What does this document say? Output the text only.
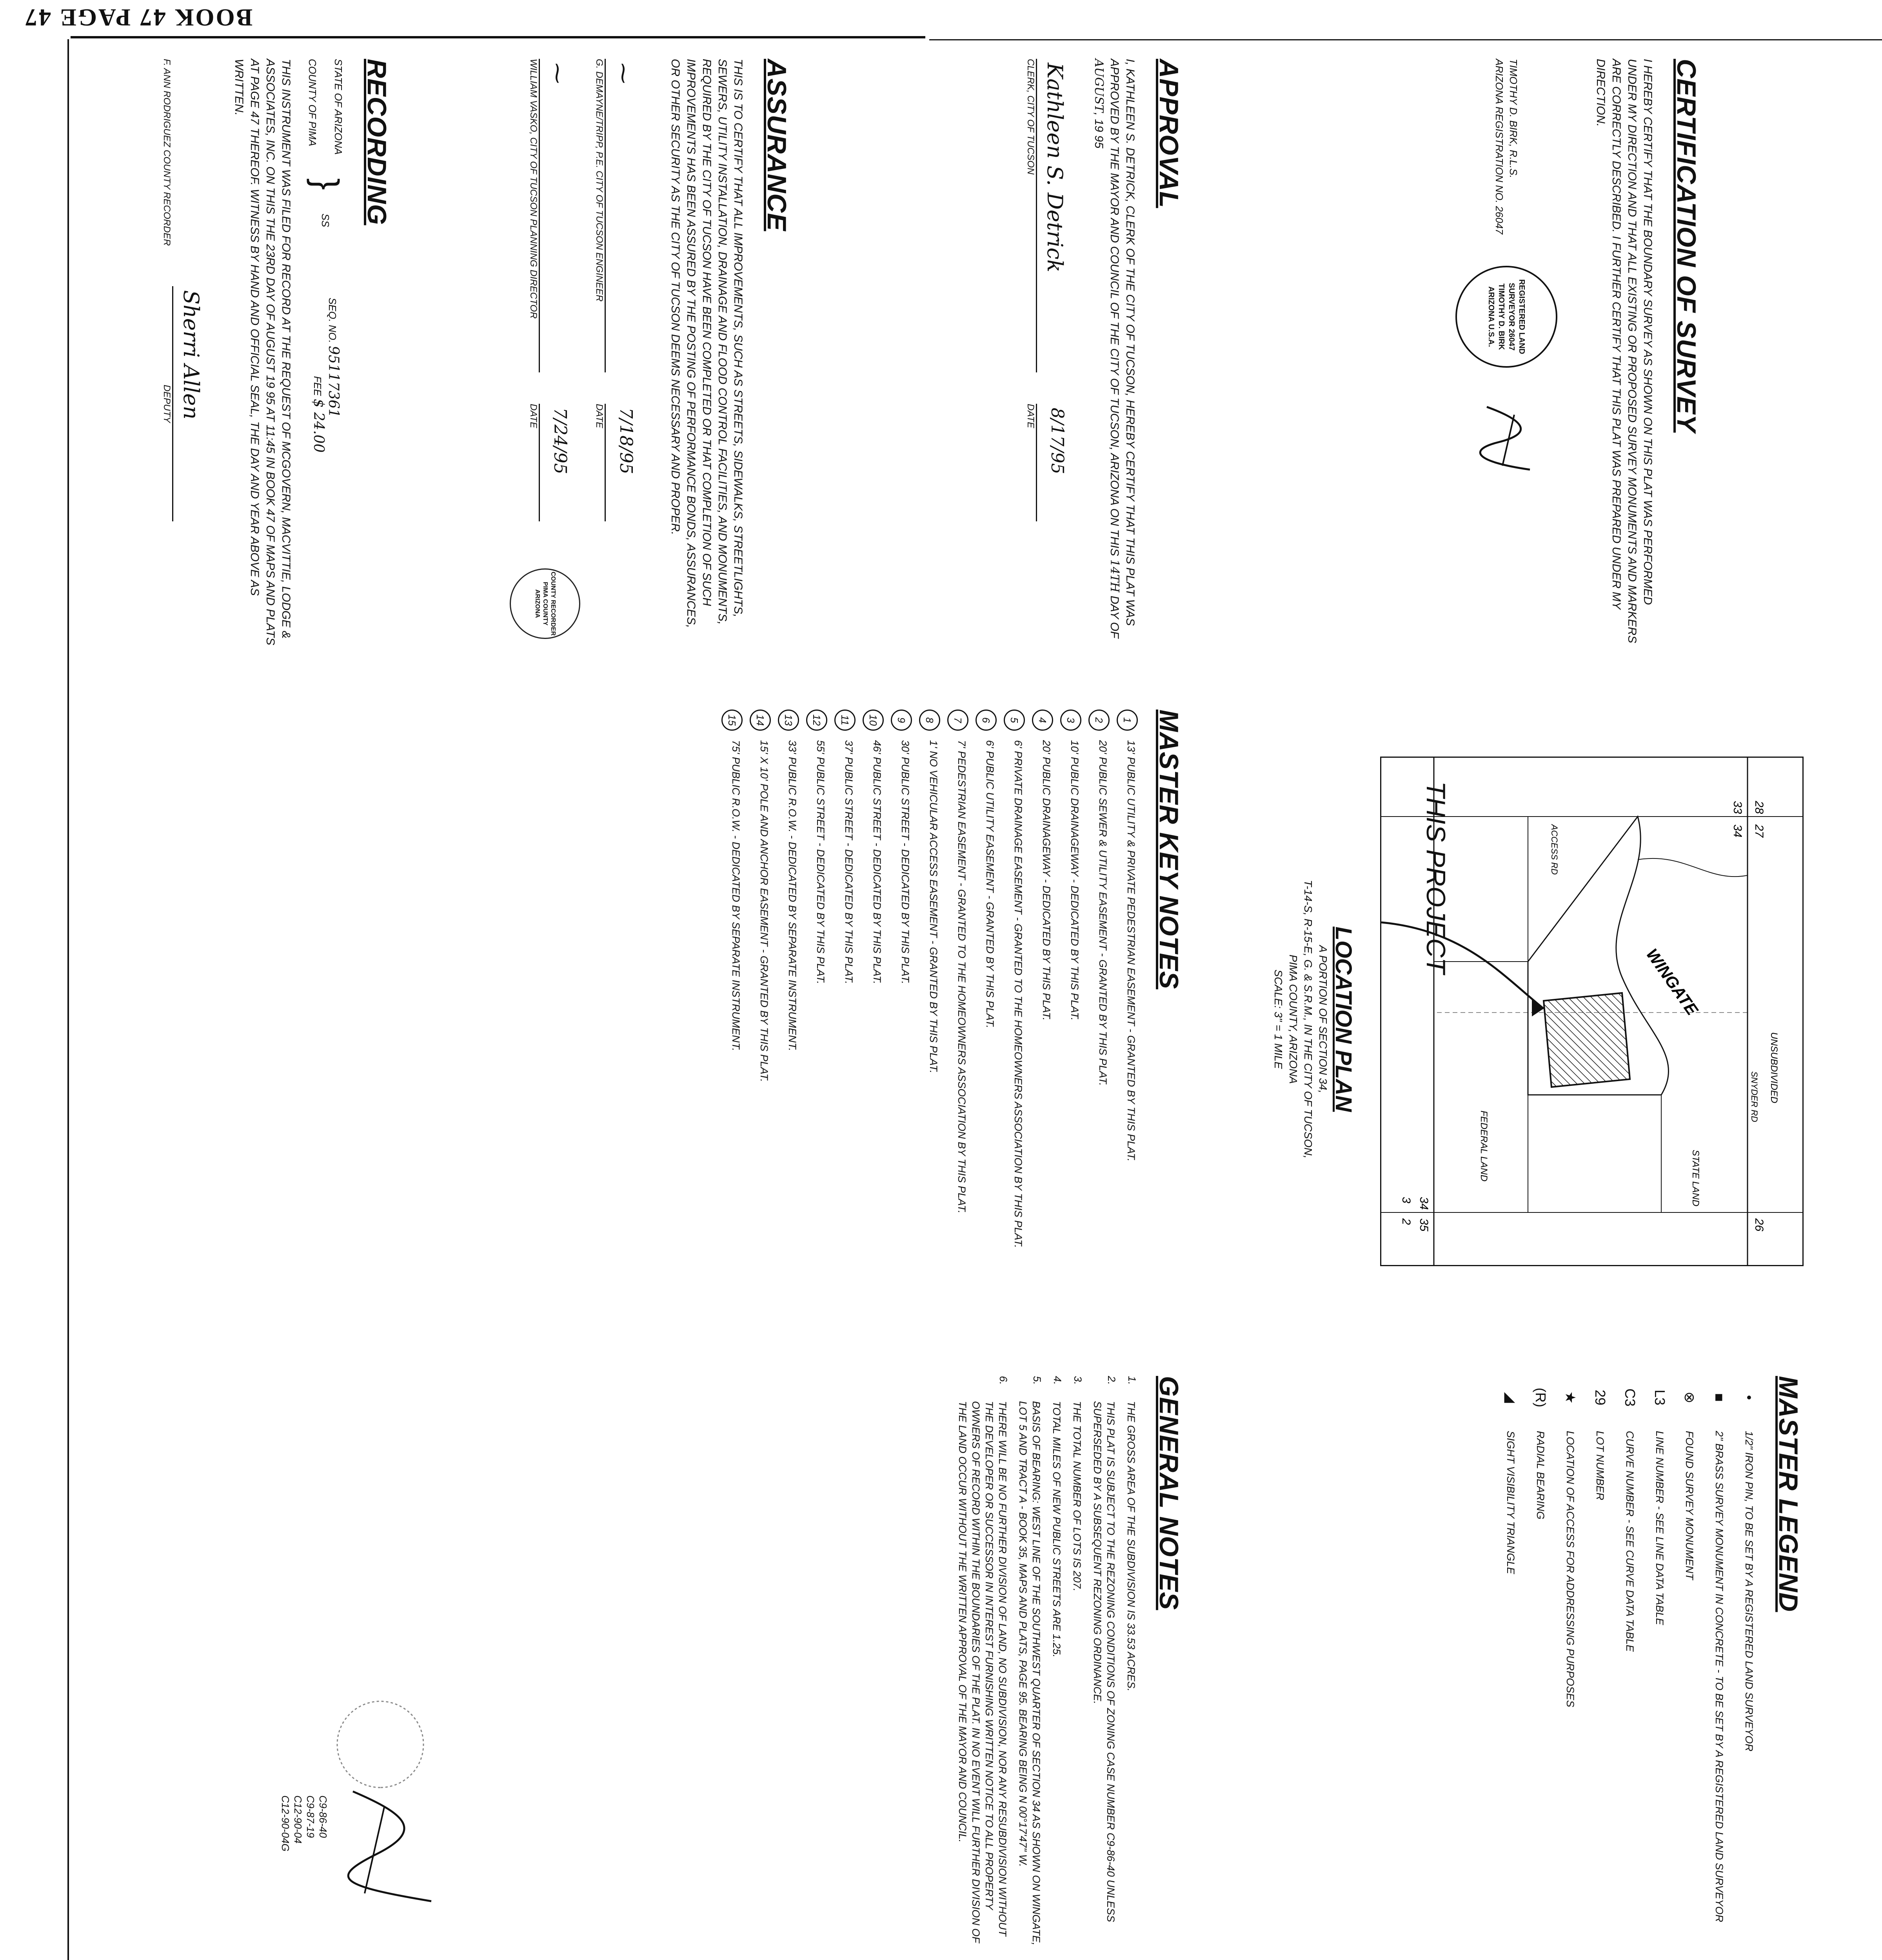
BOOK 47 PAGE 47
CERTIFICATION OF SURVEY
I HEREBY CERTIFY THAT THE BOUNDARY SURVEY AS SHOWN ON THIS PLAT WAS PERFORMED UNDER MY DIRECTION AND THAT ALL EXISTING OR PROPOSED SURVEY MONUMENTS AND MARKERS ARE CORRECTLY DESCRIBED. I FURTHER CERTIFY THAT THIS PLAT WAS PREPARED UNDER MY DIRECTION.
TIMOTHY D. BIRK, R.L.S.
ARIZONA REGISTRATION NO. 26047
REGISTERED LAND SURVEYOR 26047 TIMOTHY D. BIRK ARIZONA U.S.A.
APPROVAL
I, KATHLEEN S. DETRICK, CLERK OF THE CITY OF TUCSON, HEREBY CERTIFY THAT THIS PLAT WAS APPROVED BY THE MAYOR AND COUNCIL OF THE CITY OF TUCSON, ARIZONA ON THIS 14TH DAY OF AUGUST, 19 95
Kathleen S. Detrick
CLERK, CITY OF TUCSON
8/17/95
DATE
ASSURANCE
THIS IS TO CERTIFY THAT ALL IMPROVEMENTS, SUCH AS STREETS, SIDEWALKS, STREETLIGHTS, SEWERS, UTILITY INSTALLATION, DRAINAGE AND FLOOD CONTROL FACILITIES, AND MONUMENTS, REQUIRED BY THE CITY OF TUCSON HAVE BEEN COMPLETED OR THAT COMPLETION OF SUCH IMPROVEMENTS HAS BEEN ASSURED BY THE POSTING OF PERFORMANCE BONDS, ASSURANCES, OR OTHER SECURITY AS THE CITY OF TUCSON DEEMS NECESSARY AND PROPER.
⁓
G. DEMAYNE/TRIPP, P.E. CITY OF TUCSON ENGINEER
7/18/95
DATE
⁓
WILLIAM VASKO, CITY OF TUCSON PLANNING DIRECTOR
7/24/95
DATE
RECORDING
STATE OF ARIZONA
COUNTY OF PIMA
}
SS
SEQ. NO. 95117361
FEE $ 24.00
THIS INSTRUMENT WAS FILED FOR RECORD AT THE REQUEST OF MCGOVERN, MACVITTIE, LODGE & ASSOCIATES, INC. ON THIS THE 23RD DAY OF AUGUST 19 95 AT 11:45 IN BOOK 47 OF MAPS AND PLATS AT PAGE 47 THEREOF. WITNESS BY HAND AND OFFICIAL SEAL, THE DAY AND YEAR ABOVE AS WRITTEN.
F. ANN RODRIGUEZ COUNTY RECORDER
Sherri Allen
DEPUTY
COUNTY RECORDER PIMA COUNTY ARIZONA
28
27
33
34
34
35
3
2	26
WINGATE
STATE LAND
FEDERAL LAND
UNSUBDIVIDED
SNYDER RD
ACCESS RD
THIS PROJECT
LOCATION PLAN
A PORTION OF SECTION 34,
T-14-S, R-15-E, G. & S.R.M., IN THE CITY OF TUCSON,
PIMA COUNTY, ARIZONA
SCALE: 3" = 1 MILE
MASTER KEY NOTES
1
13' PUBLIC UTILITY & PRIVATE PEDESTRIAN EASEMENT - GRANTED BY THIS PLAT.
2
20' PUBLIC SEWER & UTILITY EASEMENT - GRANTED BY THIS PLAT.
3
10' PUBLIC DRAINAGEWAY - DEDICATED BY THIS PLAT.
4
20' PUBLIC DRAINAGEWAY - DEDICATED BY THIS PLAT.
5
6' PRIVATE DRAINAGE EASEMENT - GRANTED TO THE HOMEOWNERS ASSOCIATION BY THIS PLAT.
6
6' PUBLIC UTILITY EASEMENT - GRANTED BY THIS PLAT.
7
7' PEDESTRIAN EASEMENT - GRANTED TO THE HOMEOWNERS ASSOCIATION BY THIS PLAT.
8
1' NO VEHICULAR ACCESS EASEMENT - GRANTED BY THIS PLAT.
9
30' PUBLIC STREET - DEDICATED BY THIS PLAT.
10
46' PUBLIC STREET - DEDICATED BY THIS PLAT.
11
37' PUBLIC STREET - DEDICATED BY THIS PLAT.
12
55' PUBLIC STREET - DEDICATED BY THIS PLAT.
13
33' PUBLIC R.O.W. - DEDICATED BY SEPARATE INSTRUMENT.
14
15' X 10' POLE AND ANCHOR EASEMENT - GRANTED BY THIS PLAT.
15
75' PUBLIC R.O.W. - DEDICATED BY SEPARATE INSTRUMENT.
MASTER LEGEND
•
1/2" IRON PIN, TO BE SET BY A REGISTERED LAND SURVEYOR
■
2" BRASS SURVEY MONUMENT IN CONCRETE - TO BE SET BY A REGISTERED LAND SURVEYOR
⊗
FOUND SURVEY MONUMENT
L3
LINE NUMBER - SEE LINE DATA TABLE
C3
CURVE NUMBER - SEE CURVE DATA TABLE
29
LOT NUMBER
★
LOCATION OF ACCESS FOR ADDRESSING PURPOSES
(R)
RADIAL BEARING
◢
SIGHT VISIBILITY TRIANGLE
GENERAL NOTES
1.
THE GROSS AREA OF THE SUBDIVISION IS 33.53 ACRES.
2.
THIS PLAT IS SUBJECT TO THE REZONING CONDITIONS OF ZONING CASE NUMBER C9-86-40 UNLESS SUPERSEDED BY A SUBSEQUENT REZONING ORDINANCE.
3.
THE TOTAL NUMBER OF LOTS IS 207.
4.
TOTAL MILES OF NEW PUBLIC STREETS ARE 1.25.
5.
BASIS OF BEARING: WEST LINE OF THE SOUTHWEST QUARTER OF SECTION 34 AS SHOWN ON WINGATE, LOT 5 AND TRACT A - BOOK 35, MAPS AND PLATS, PAGE 95. BEARING BEING N 00°17'47" W.
6.
THERE WILL BE NO FURTHER DIVISION OF LAND, NO SUBDIVISION, NOR ANY RESUBDIVISION WITHOUT THE DEVELOPER OR SUCCESSOR IN INTEREST FURNISHING WRITTEN NOTICE TO ALL PROPERTY OWNERS OF RECORD WITHIN THE BOUNDARIES OF THE PLAT. IN NO EVENT WILL FURTHER DIVISION OF THE LAND OCCUR WITHOUT THE WRITTEN APPROVAL OF THE MAYOR AND COUNCIL.
C9-86-40
C9-87-19
C12-90-04
C12-90-04G
